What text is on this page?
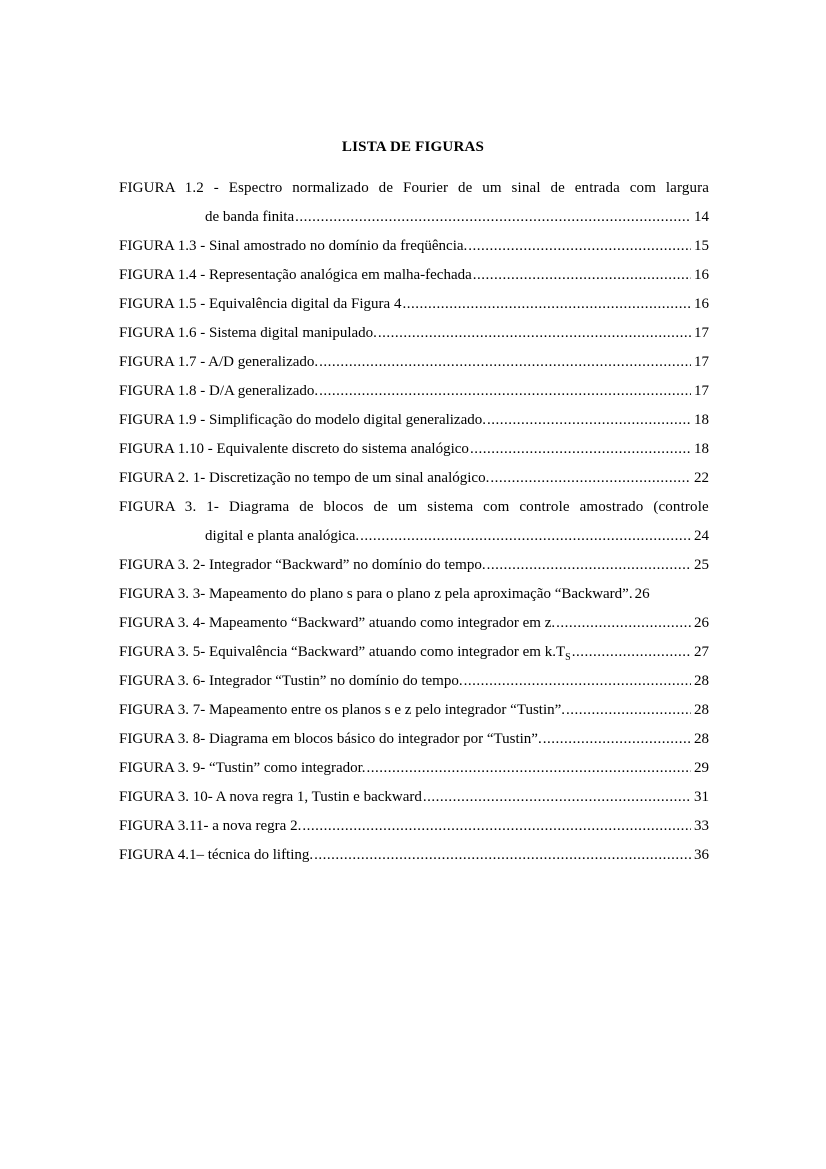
LISTA DE FIGURAS
FIGURA 1.2 - Espectro normalizado de Fourier de um sinal de entrada com largura
de banda finita .....	14
FIGURA 1.3 - Sinal amostrado no domínio da freqüência. .....	15
FIGURA 1.4 - Representação analógica em malha-fechada .....	16
FIGURA 1.5 - Equivalência digital da Figura 4 .....	16
FIGURA 1.6 - Sistema digital manipulado. .....	17
FIGURA 1.7 - A/D generalizado. .....	17
FIGURA 1.8 - D/A generalizado. .....	17
FIGURA 1.9 - Simplificação do modelo digital generalizado. .....	18
FIGURA 1.10 - Equivalente discreto do sistema analógico .....	18
FIGURA 2. 1- Discretização no tempo de um sinal analógico. .....	22
FIGURA 3. 1- Diagrama de blocos de um sistema com controle amostrado (controle
digital e planta analógica. .....	24
FIGURA 3. 2- Integrador “Backward” no domínio do tempo. .....	25
FIGURA 3. 3- Mapeamento do plano s para o plano z pela aproximação “Backward”. 26
FIGURA 3. 4- Mapeamento “Backward” atuando como integrador em z. .....	26
FIGURA 3. 5- Equivalência “Backward” atuando como integrador em $k.T_S$ .....	27
FIGURA 3. 6- Integrador “Tustin” no domínio do tempo. .....	28
FIGURA 3. 7- Mapeamento entre os planos s e z pelo integrador “Tustin”. .....	28
FIGURA 3. 8- Diagrama em blocos básico do integrador por “Tustin”. .....	28
FIGURA 3. 9- “Tustin” como integrador. .....	29
FIGURA 3. 10- A nova regra 1, Tustin e backward .....	31
FIGURA 3.11- a nova regra 2. .....	33
FIGURA 4.1– técnica do lifting. .....	36
